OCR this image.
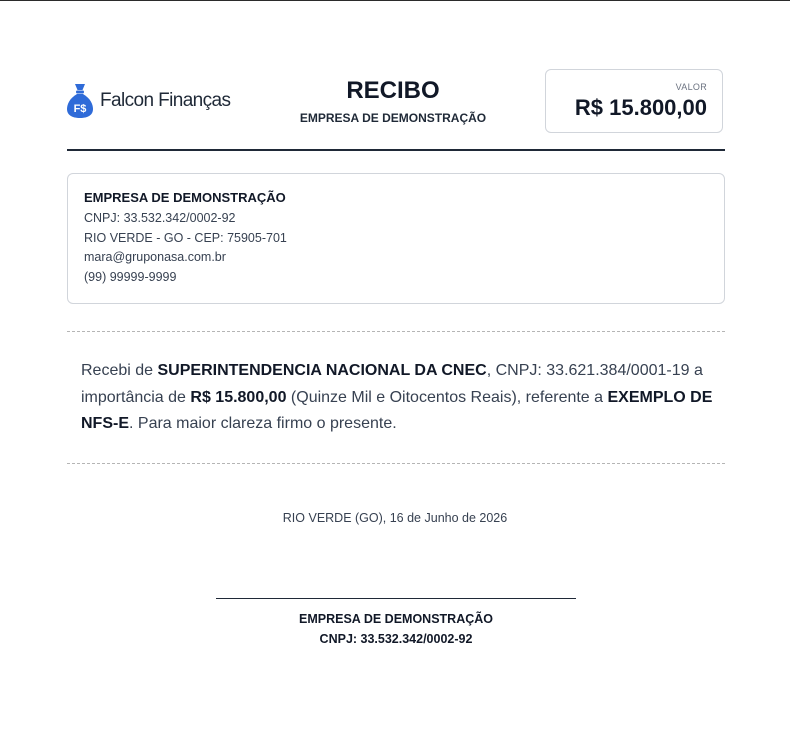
F$ Falcon Finanças	RECIBO
EMPRESA DE DEMONSTRAÇÃO
VALOR
R$ 15.800,00
EMPRESA DE DEMONSTRAÇÃO
CNPJ: 33.532.342/0002-92
RIO VERDE - GO - CEP: 75905-701
mara@gruponasa.com.br
(99) 99999-9999
Recebi de SUPERINTENDENCIA NACIONAL DA CNEC, CNPJ: 33.621.384/0001-19 a importância de R$ 15.800,00 (Quinze Mil e Oitocentos Reais), referente a EXEMPLO DE NFS-E. Para maior clareza firmo o presente.
RIO VERDE (GO), 16 de Junho de 2026
EMPRESA DE DEMONSTRAÇÃO
CNPJ: 33.532.342/0002-92
